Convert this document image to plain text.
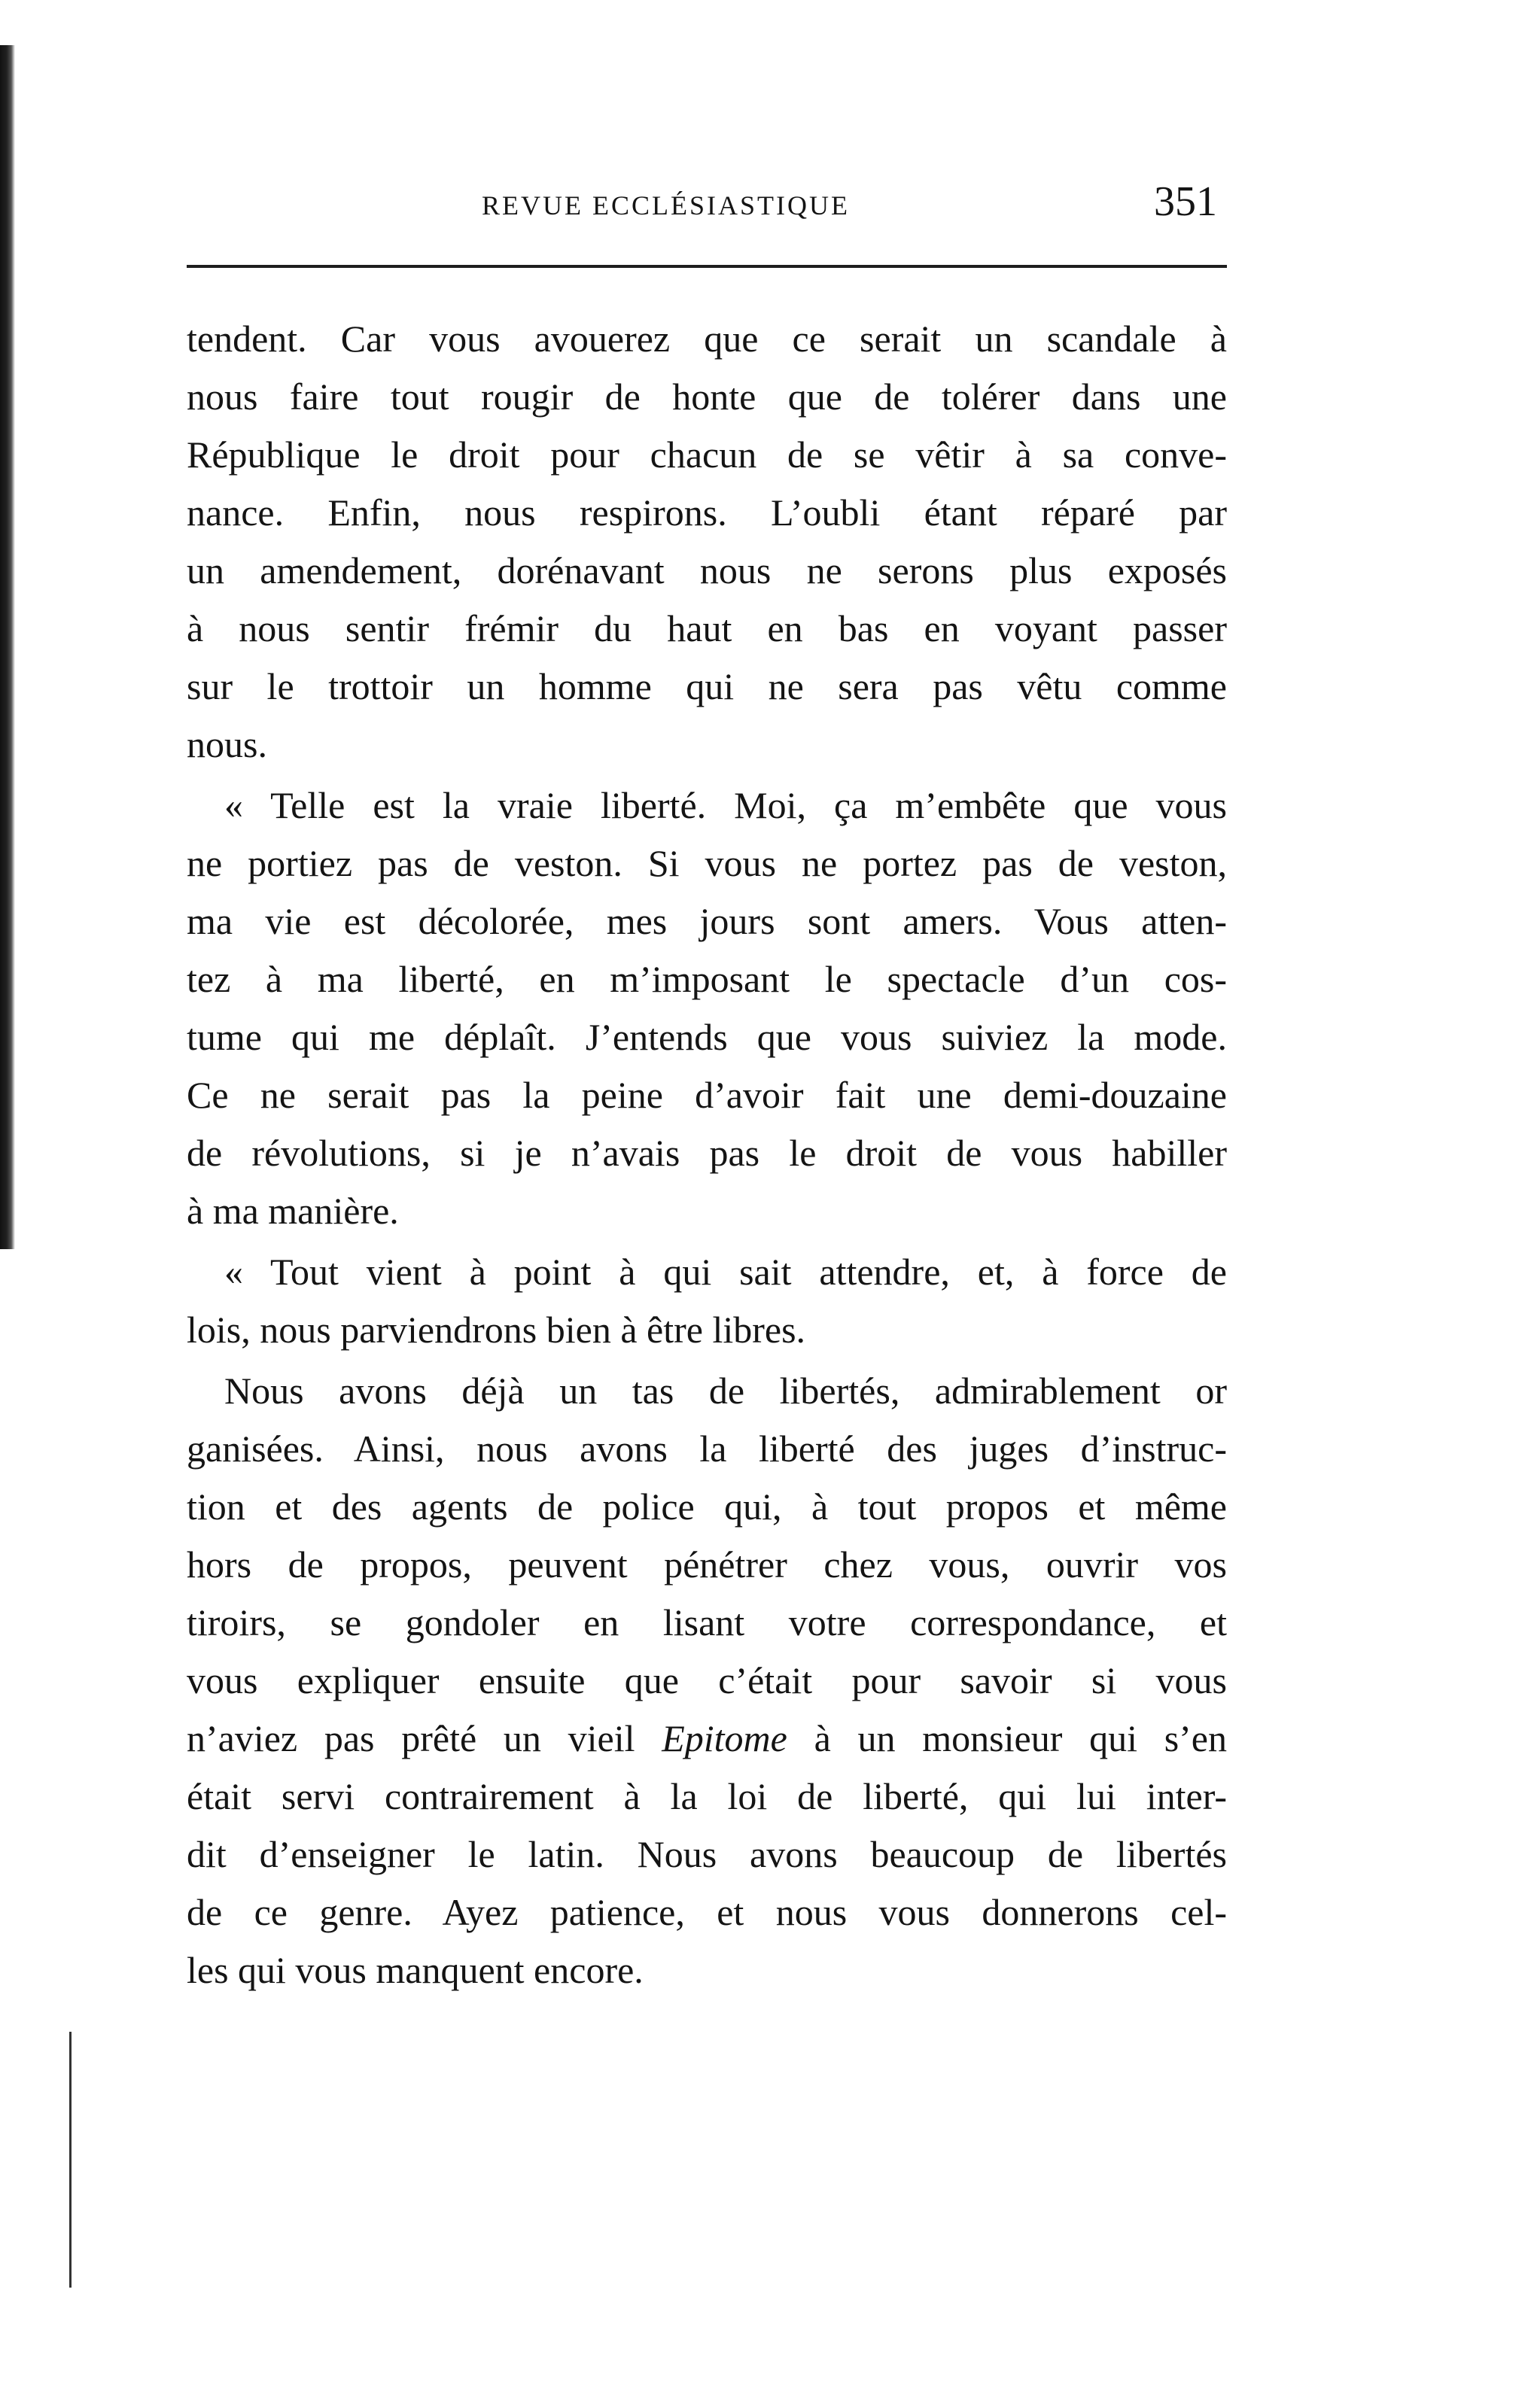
REVUE ECCLÉSIASTIQUE	351
tendent. Car vous avouerez que ce serait un scandale à
nous faire tout rougir de honte que de tolérer dans une
République le droit pour chacun de se vêtir à sa conve-
nance. Enfin, nous respirons. L’oubli étant réparé par
un amendement, dorénavant nous ne serons plus exposés
à nous sentir frémir du haut en bas en voyant passer
sur le trottoir un homme qui ne sera pas vêtu comme
nous.
« Telle est la vraie liberté. Moi, ça m’embête que vous
ne portiez pas de veston. Si vous ne portez pas de veston,
ma vie est décolorée, mes jours sont amers. Vous atten-
tez à ma liberté, en m’imposant le spectacle d’un cos-
tume qui me déplaît. J’entends que vous suiviez la mode.
Ce ne serait pas la peine d’avoir fait une demi-douzaine
de révolutions, si je n’avais pas le droit de vous habiller
à ma manière.
« Tout vient à point à qui sait attendre, et, à force de
lois, nous parviendrons bien à être libres.
Nous avons déjà un tas de libertés, admirablement or
ganisées. Ainsi, nous avons la liberté des juges d’instruc-
tion et des agents de police qui, à tout propos et même
hors de propos, peuvent pénétrer chez vous, ouvrir vos
tiroirs, se gondoler en lisant votre correspondance, et
vous expliquer ensuite que c’était pour savoir si vous
n’aviez pas prêté un vieil Epitome à un monsieur qui s’en
était servi contrairement à la loi de liberté, qui lui inter-
dit d’enseigner le latin. Nous avons beaucoup de libertés
de ce genre. Ayez patience, et nous vous donnerons cel-
les qui vous manquent encore.
